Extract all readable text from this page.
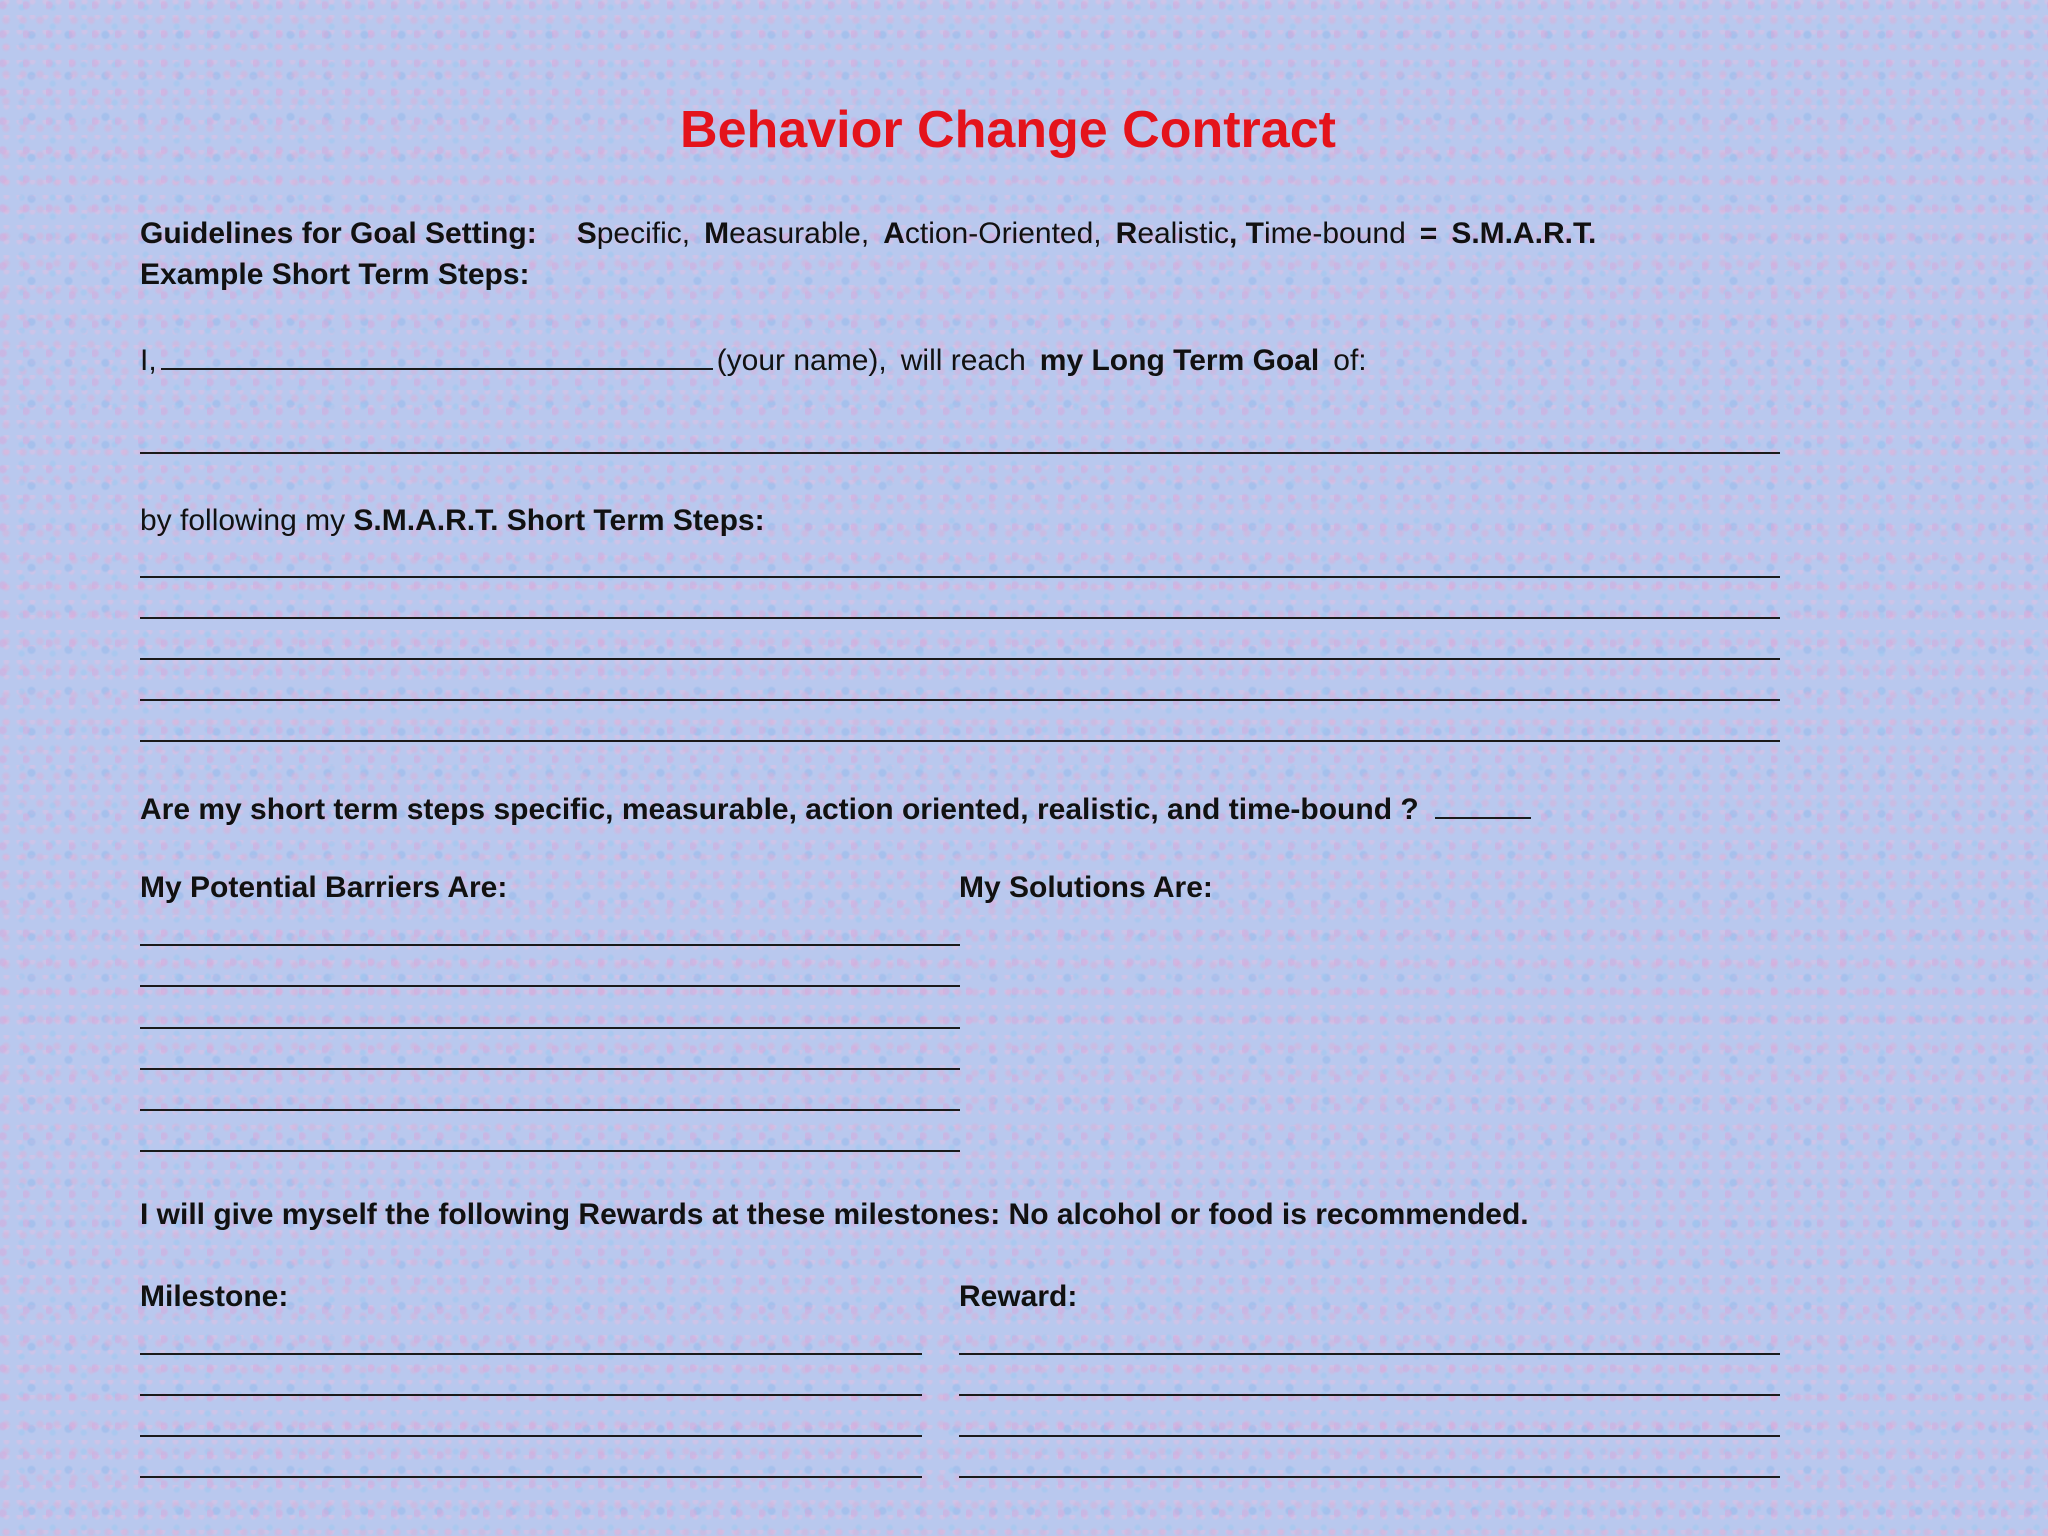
Behavior Change Contract
Guidelines for Goal Setting: Specific, Measurable, Action-Oriented, Realistic, Time-bound = S.M.A.R.T.
Example Short Term Steps:
I,	(your name), will reach my Long Term Goal of:
by following my S.M.A.R.T. Short Term Steps:
Are my short term steps specific, measurable, action oriented, realistic, and time-bound ?
My Potential Barriers Are:	My Solutions Are:
I will give myself the following Rewards at these milestones: No alcohol or food is recommended.
Milestone:	Reward:
